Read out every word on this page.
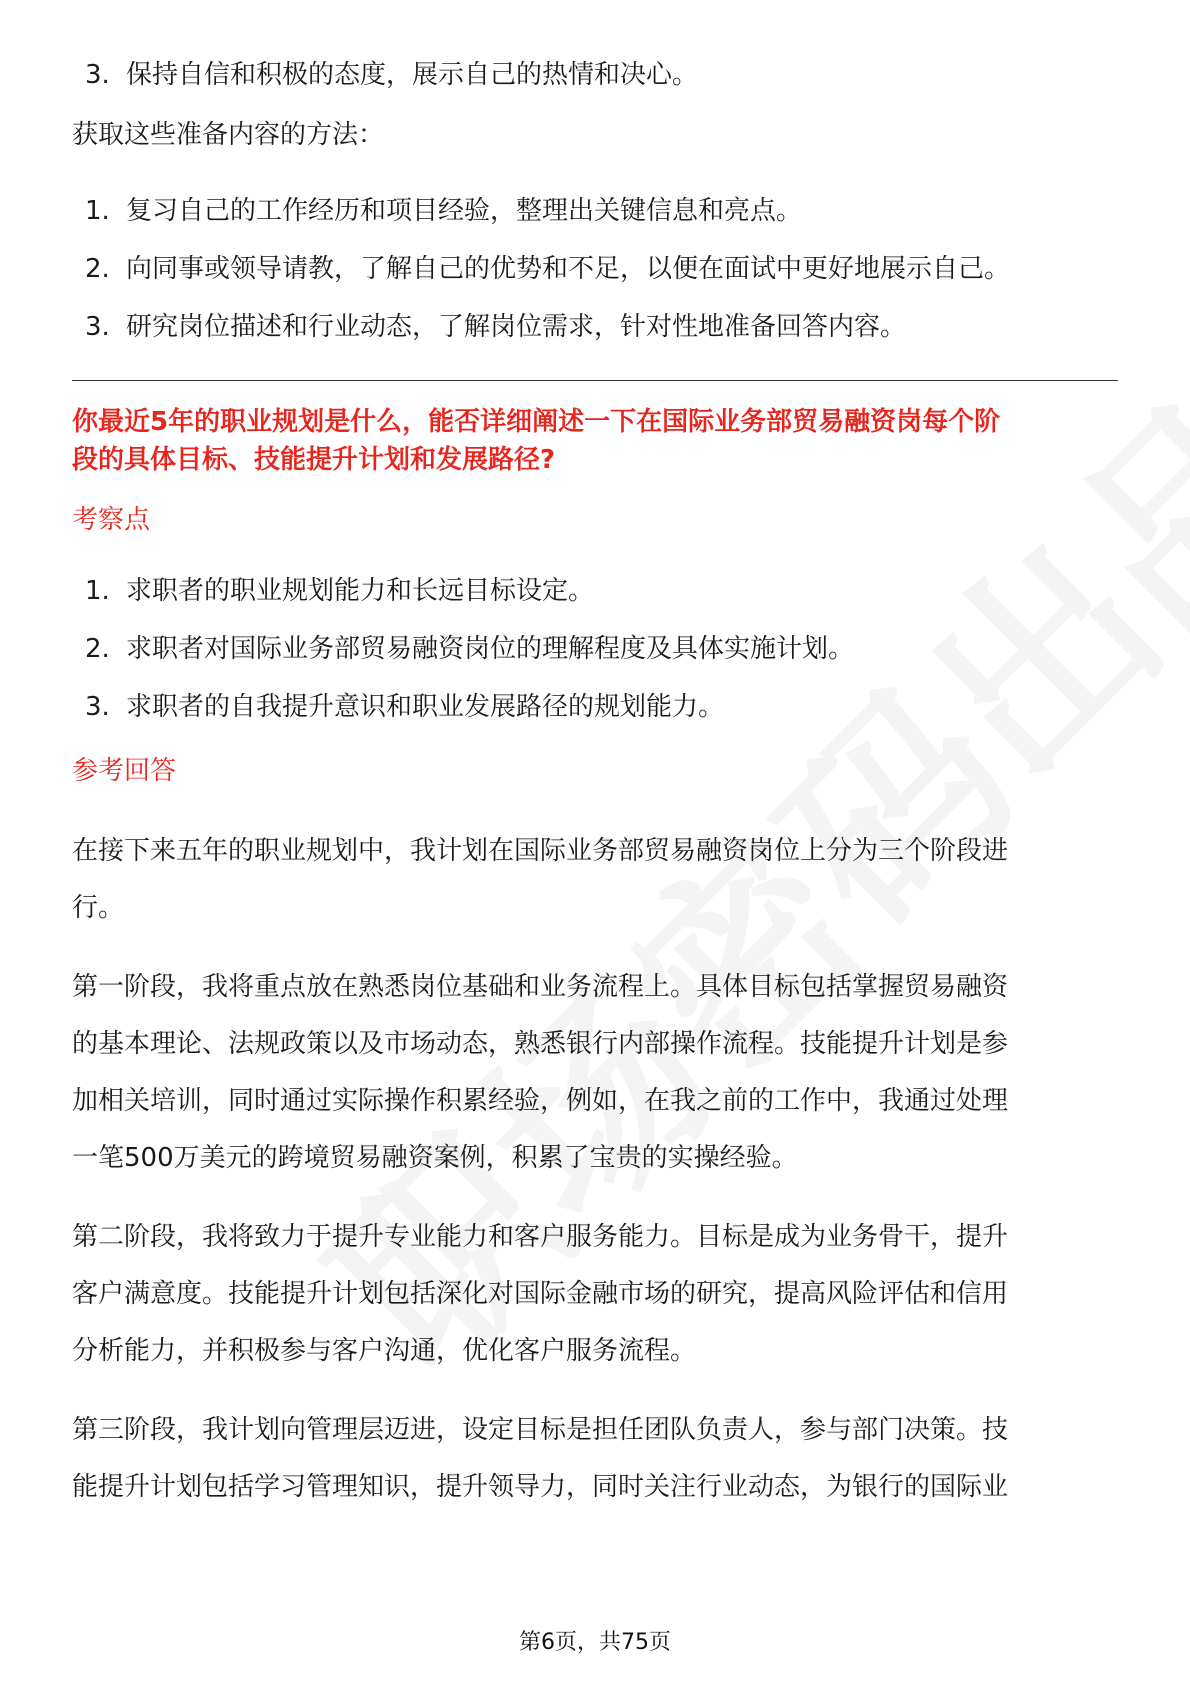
3. 保持自信和积极的态度，展示自己的热情和决心。
获取这些准备内容的方法：
1. 复习自己的工作经历和项目经验，整理出关键信息和亮点。
2. 向同事或领导请教，了解自己的优势和不足，以便在面试中更好地展示自己。
3. 研究岗位描述和行业动态，了解岗位需求，针对性地准备回答内容。
你最近5年的职业规划是什么，能否详细阐述一下在国际业务部贸易融资岗每个阶
段的具体目标、技能提升计划和发展路径?
考察点
1. 求职者的职业规划能力和长远目标设定。
2. 求职者对国际业务部贸易融资岗位的理解程度及具体实施计划。
3. 求职者的自我提升意识和职业发展路径的规划能力。
参考回答

在接下来五年的职业规划中，我计划在国际业务部贸易融资岗位上分为三个阶段进

行。

第一阶段，我将重点放在熟悉岗位基础和业务流程上。具体目标包括掌握贸易融资

的基本理论、法规政策以及市场动态，熟悉银行内部操作流程。技能提升计划是参

加相关培训，同时通过实际操作积累经验，例如，在我之前的工作中，我通过处理

一笔500万美元的跨境贸易融资案例，积累了宝贵的实操经验。

第二阶段，我将致力于提升专业能力和客户服务能力。目标是成为业务骨干，提升

客户满意度。技能提升计划包括深化对国际金融市场的研究，提高风险评估和信用

分析能力，并积极参与客户沟通，优化客户服务流程。

第三阶段，我计划向管理层迈进，设定目标是担任团队负责人，参与部门决策。技

能提升计划包括学习管理知识，提升领导力，同时关注行业动态，为银行的国际业

第6页，共75页
